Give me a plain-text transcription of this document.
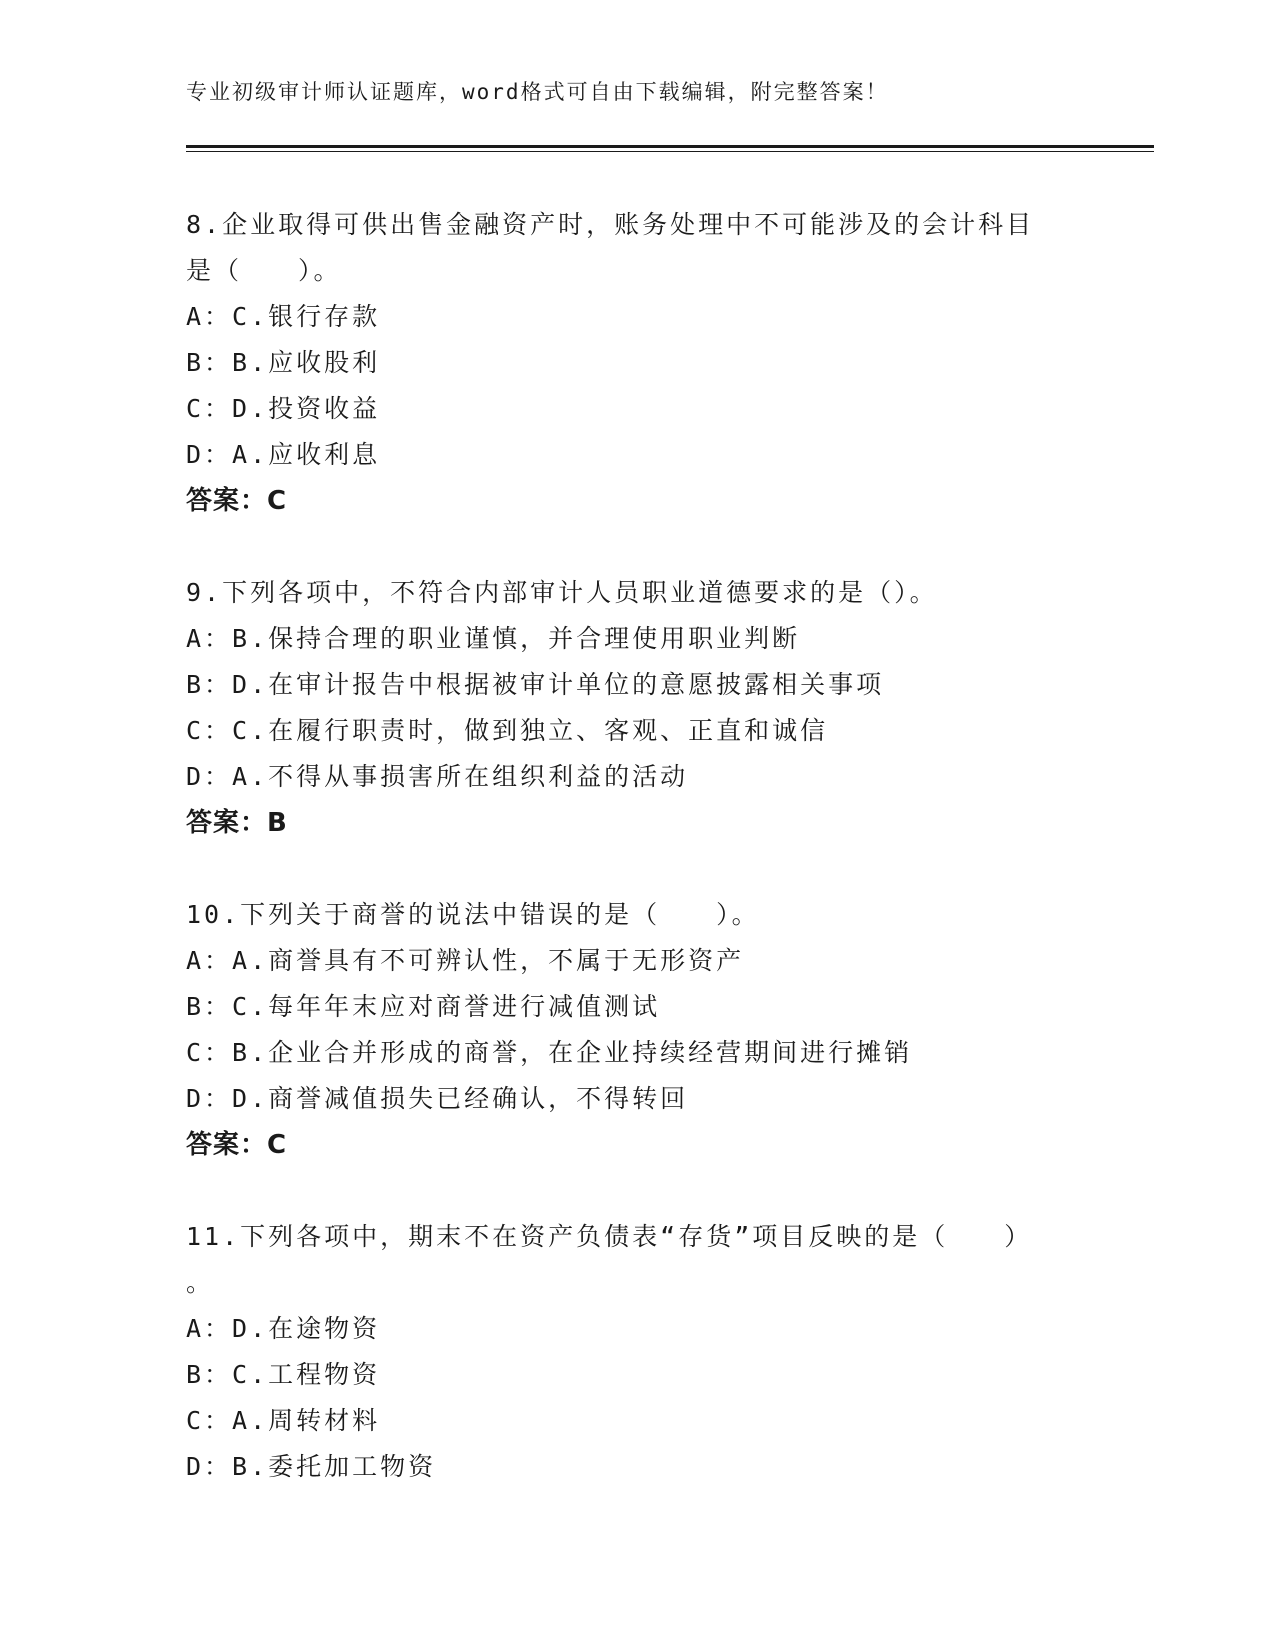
专业初级审计师认证题库，word格式可自由下载编辑，附完整答案！

8.企业取得可供出售金融资产时，账务处理中不可能涉及的会计科目

是（　　）。

A：C.银行存款

B：B.应收股利

C：D.投资收益

D：A.应收利息

答案：C

9.下列各项中，不符合内部审计人员职业道德要求的是（）。

A：B.保持合理的职业谨慎，并合理使用职业判断

B：D.在审计报告中根据被审计单位的意愿披露相关事项

C：C.在履行职责时，做到独立、客观、正直和诚信

D：A.不得从事损害所在组织利益的活动

答案：B

10.下列关于商誉的说法中错误的是（　　）。

A：A.商誉具有不可辨认性，不属于无形资产

B：C.每年年末应对商誉进行减值测试

C：B.企业合并形成的商誉，在企业持续经营期间进行摊销

D：D.商誉减值损失已经确认，不得转回

答案：C

11.下列各项中，期末不在资产负债表“存货”项目反映的是（　　）

。

A：D.在途物资

B：C.工程物资

C：A.周转材料

D：B.委托加工物资
